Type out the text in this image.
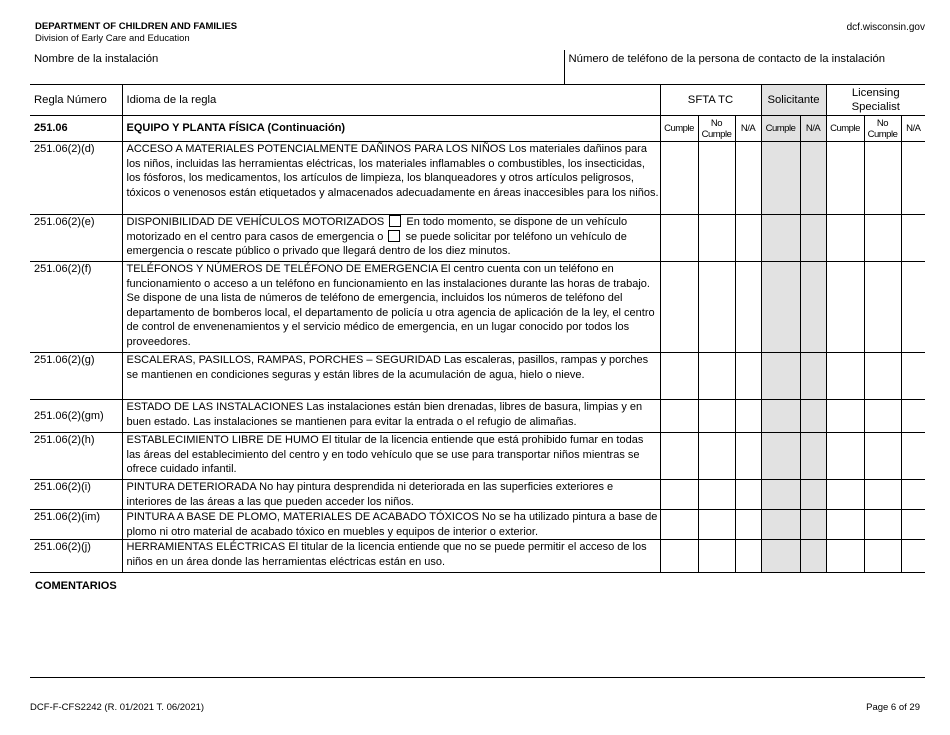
DEPARTMENT OF CHILDREN AND FAMILIES
Division of Early Care and Education
dcf.wisconsin.gov
Nombre de la instalación	Número de teléfono de la persona de contacto de la instalación
Regla Número	Idioma de la regla	SFTA TC			Solicitante		Licensing Specialist		
251.06	EQUIPO Y PLANTA FÍSICA (Continuación)	Cumple	No Cumple	N/A	Cumple	N/A	Cumple	No Cumple	N/A
251.06(2)(d)	ACCESO A MATERIALES POTENCIALMENTE DAÑINOS PARA LOS NIÑOS Los materiales dañinos para los niños, incluidas las herramientas eléctricas, los materiales inflamables o combustibles, los insecticidas, los fósforos, los medicamentos, los artículos de limpieza, los blanqueadores y otros artículos peligrosos, tóxicos o venenosos están etiquetados y almacenados adecuadamente en áreas inaccesibles para los niños.								
251.06(2)(e)	DISPONIBILIDAD DE VEHÍCULOS MOTORIZADOS En todo momento, se dispone de un vehículo motorizado en el centro para casos de emergencia o se puede solicitar por teléfono un vehículo de emergencia o rescate público o privado que llegará dentro de los diez minutos.								
251.06(2)(f)	TELÉFONOS Y NÚMEROS DE TELÉFONO DE EMERGENCIA El centro cuenta con un teléfono en funcionamiento o acceso a un teléfono en funcionamiento en las instalaciones durante las horas de trabajo. Se dispone de una lista de números de teléfono de emergencia, incluidos los números de teléfono del departamento de bomberos local, el departamento de policía u otra agencia de aplicación de la ley, el centro de control de envenenamientos y el servicio médico de emergencia, en un lugar conocido por todos los proveedores.								
251.06(2)(g)	ESCALERAS, PASILLOS, RAMPAS, PORCHES – SEGURIDAD Las escaleras, pasillos, rampas y porches se mantienen en condiciones seguras y están libres de la acumulación de agua, hielo o nieve.								
251.06(2)(gm)	ESTADO DE LAS INSTALACIONES Las instalaciones están bien drenadas, libres de basura, limpias y en buen estado. Las instalaciones se mantienen para evitar la entrada o el refugio de alimañas.								
251.06(2)(h)	ESTABLECIMIENTO LIBRE DE HUMO El titular de la licencia entiende que está prohibido fumar en todas las áreas del establecimiento del centro y en todo vehículo que se use para transportar niños mientras se ofrece cuidado infantil.								
251.06(2)(i)	PINTURA DETERIORADA No hay pintura desprendida ni deteriorada en las superficies exteriores e interiores de las áreas a las que pueden acceder los niños.								
251.06(2)(im)	PINTURA A BASE DE PLOMO, MATERIALES DE ACABADO TÓXICOS No se ha utilizado pintura a base de plomo ni otro material de acabado tóxico en muebles y equipos de interior o exterior.								
251.06(2)(j)	HERRAMIENTAS ELÉCTRICAS El titular de la licencia entiende que no se puede permitir el acceso de los niños en un área donde las herramientas eléctricas están en uso.								
COMENTARIOS
DCF-F-CFS2242 (R. 01/2021 T. 06/2021)	Page 6 of 29
